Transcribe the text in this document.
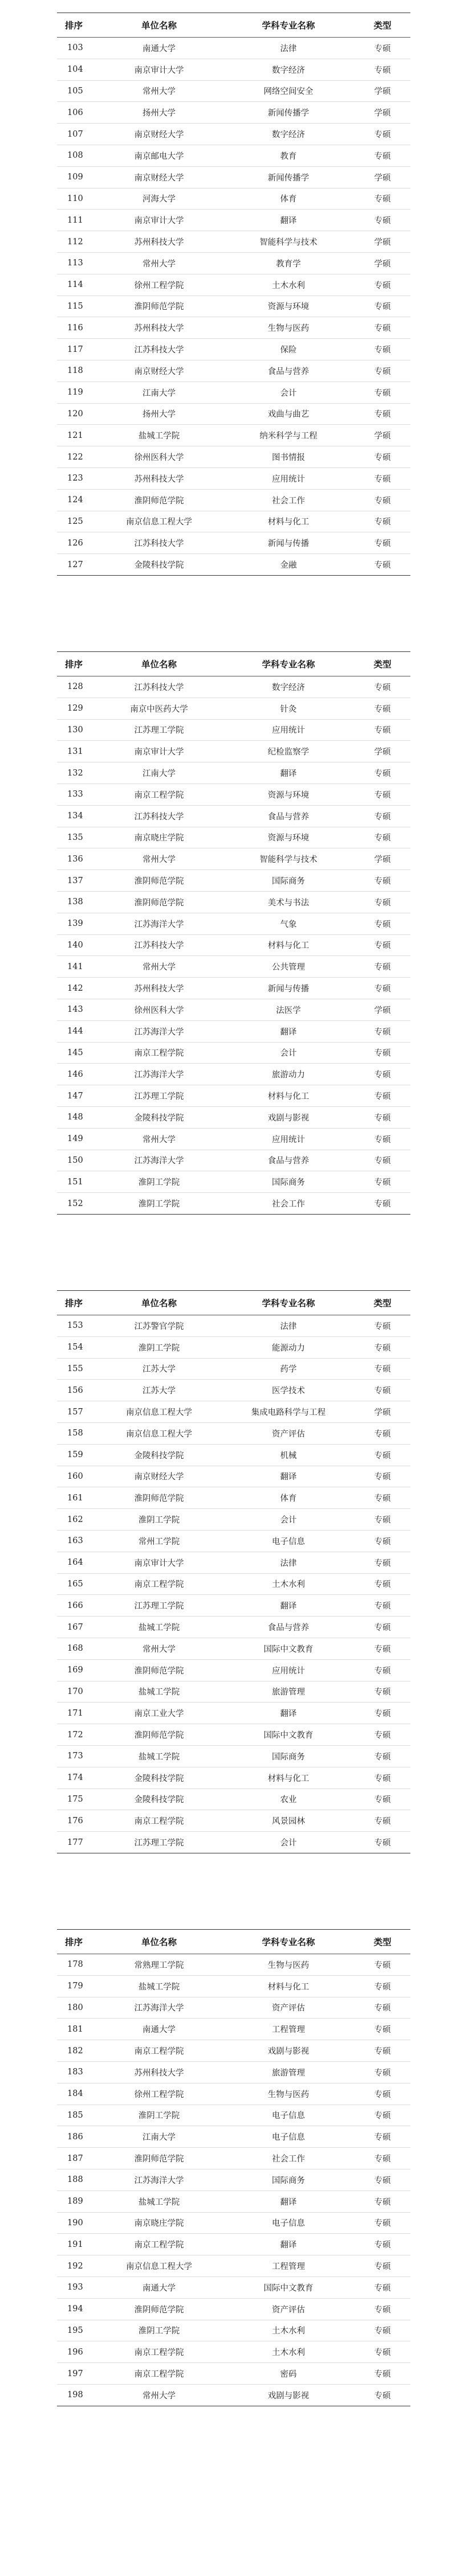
排序	单位名称	学科专业名称	类型
103	南通大学	法律	专硕
104	南京审计大学	数字经济	专硕
105	常州大学	网络空间安全	学硕
106	扬州大学	新闻传播学	学硕
107	南京财经大学	数字经济	专硕
108	南京邮电大学	教育	专硕
109	南京财经大学	新闻传播学	学硕
110	河海大学	体育	专硕
111	南京审计大学	翻译	专硕
112	苏州科技大学	智能科学与技术	学硕
113	常州大学	教育学	学硕
114	徐州工程学院	土木水利	专硕
115	淮阴师范学院	资源与环境	专硕
116	苏州科技大学	生物与医药	专硕
117	江苏科技大学	保险	专硕
118	南京财经大学	食品与营养	专硕
119	江南大学	会计	专硕
120	扬州大学	戏曲与曲艺	专硕
121	盐城工学院	纳米科学与工程	学硕
122	徐州医科大学	图书情报	专硕
123	苏州科技大学	应用统计	专硕
124	淮阴师范学院	社会工作	专硕
125	南京信息工程大学	材料与化工	专硕
126	江苏科技大学	新闻与传播	专硕
127	金陵科技学院	金融	专硕
排序	单位名称	学科专业名称	类型
128	江苏科技大学	数字经济	专硕
129	南京中医药大学	针灸	专硕
130	江苏理工学院	应用统计	专硕
131	南京审计大学	纪检监察学	学硕
132	江南大学	翻译	专硕
133	南京工程学院	资源与环境	专硕
134	江苏科技大学	食品与营养	专硕
135	南京晓庄学院	资源与环境	专硕
136	常州大学	智能科学与技术	学硕
137	淮阴师范学院	国际商务	专硕
138	淮阴师范学院	美术与书法	专硕
139	江苏海洋大学	气象	专硕
140	江苏科技大学	材料与化工	专硕
141	常州大学	公共管理	专硕
142	苏州科技大学	新闻与传播	专硕
143	徐州医科大学	法医学	学硕
144	江苏海洋大学	翻译	专硕
145	南京工程学院	会计	专硕
146	江苏海洋大学	旅游动力	专硕
147	江苏理工学院	材料与化工	专硕
148	金陵科技学院	戏剧与影视	专硕
149	常州大学	应用统计	专硕
150	江苏海洋大学	食品与营养	专硕
151	淮阴工学院	国际商务	专硕
152	淮阴工学院	社会工作	专硕
排序	单位名称	学科专业名称	类型
153	江苏警官学院	法律	专硕
154	淮阴工学院	能源动力	专硕
155	江苏大学	药学	专硕
156	江苏大学	医学技术	专硕
157	南京信息工程大学	集成电路科学与工程	学硕
158	南京信息工程大学	资产评估	专硕
159	金陵科技学院	机械	专硕
160	南京财经大学	翻译	专硕
161	淮阴师范学院	体育	专硕
162	淮阴工学院	会计	专硕
163	常州工学院	电子信息	专硕
164	南京审计大学	法律	专硕
165	南京工程学院	土木水利	专硕
166	江苏理工学院	翻译	专硕
167	盐城工学院	食品与营养	专硕
168	常州大学	国际中文教育	专硕
169	淮阴师范学院	应用统计	专硕
170	盐城工学院	旅游管理	专硕
171	南京工业大学	翻译	专硕
172	淮阴师范学院	国际中文教育	专硕
173	盐城工学院	国际商务	专硕
174	金陵科技学院	材料与化工	专硕
175	金陵科技学院	农业	专硕
176	南京工程学院	风景园林	专硕
177	江苏理工学院	会计	专硕
排序	单位名称	学科专业名称	类型
178	常熟理工学院	生物与医药	专硕
179	盐城工学院	材料与化工	专硕
180	江苏海洋大学	资产评估	专硕
181	南通大学	工程管理	专硕
182	南京工程学院	戏剧与影视	专硕
183	苏州科技大学	旅游管理	专硕
184	徐州工程学院	生物与医药	专硕
185	淮阴工学院	电子信息	专硕
186	江南大学	电子信息	专硕
187	淮阴师范学院	社会工作	专硕
188	江苏海洋大学	国际商务	专硕
189	盐城工学院	翻译	专硕
190	南京晓庄学院	电子信息	专硕
191	南京工程学院	翻译	专硕
192	南京信息工程大学	工程管理	专硕
193	南通大学	国际中文教育	专硕
194	淮阴师范学院	资产评估	专硕
195	淮阴工学院	土木水利	专硕
196	南京工程学院	土木水利	专硕
197	南京工程学院	密码	专硕
198	常州大学	戏剧与影视	专硕
